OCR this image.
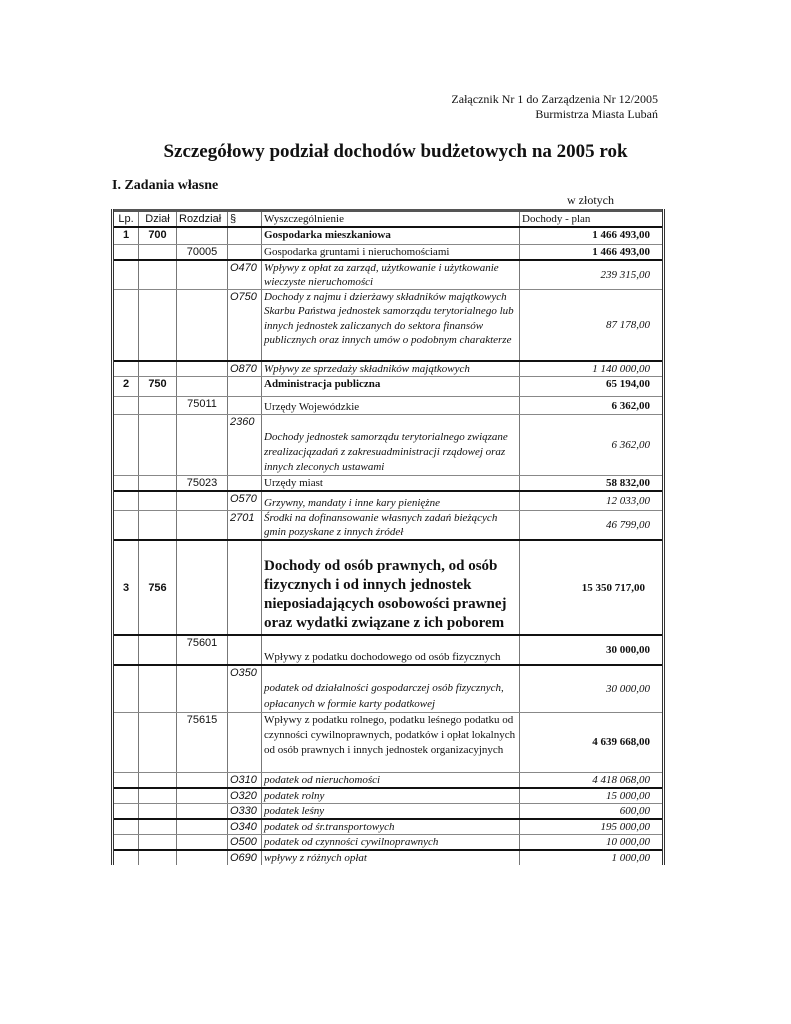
Załącznik Nr 1 do Zarządzenia Nr 12/2005
Burmistrza Miasta Lubań
Szczegółowy podział dochodów budżetowych na 2005 rok
I. Zadania własne
w złotych
Lp.	Dział	Rozdział	§	Wyszczególnienie	Dochody - plan
1	700			Gospodarka mieszkaniowa	1 466 493,00
		70005		Gospodarka gruntami i nieruchomościami	1 466 493,00
			O470	Wpływy z opłat za zarząd, użytkowanie i użytkowanie wieczyste nieruchomości	239 315,00
			O750	Dochody z najmu i dzierżawy składników majątkowych Skarbu Państwa jednostek samorządu terytorialnego lub innych jednostek zaliczanych do sektora finansów publicznych oraz innych umów o podobnym charakterze	87 178,00
			O870	Wpływy ze sprzedaży składników majątkowych	1 140 000,00
2	750			Administracja publiczna	65 194,00
		75011		Urzędy Wojewódzkie	6 362,00
			2360	Dochody jednostek samorządu terytorialnego związane zrealizacjązadań z zakresuadministracji rządowej oraz innych zleconych ustawami	6 362,00
		75023		Urzędy miast	58 832,00
			O570	Grzywny, mandaty i inne kary pieniężne	12 033,00
			2701	Środki na dofinansowanie własnych zadań bieżących gmin pozyskane z innych źródeł	46 799,00
3	756			Dochody od osób prawnych, od osób fizycznych i od innych jednostek nieposiadających osobowości prawnej oraz wydatki związane z ich poborem	15 350 717,00
		75601		Wpływy z podatku dochodowego od osób fizycznych	30 000,00
			O350	podatek od działalności gospodarczej osób fizycznych, opłacanych w formie karty podatkowej	30 000,00
		75615		Wpływy z podatku rolnego, podatku leśnego podatku od czynności cywilnoprawnych, podatków i opłat lokalnych od osób prawnych i innych jednostek organizacyjnych	4 639 668,00
			O310	podatek od nieruchomości	4 418 068,00
			O320	podatek rolny	15 000,00
			O330	podatek leśny	600,00
			O340	podatek od śr.transportowych	195 000,00
			O500	podatek od czynności cywilnoprawnych	10 000,00
			O690	wpływy z różnych opłat	1 000,00
